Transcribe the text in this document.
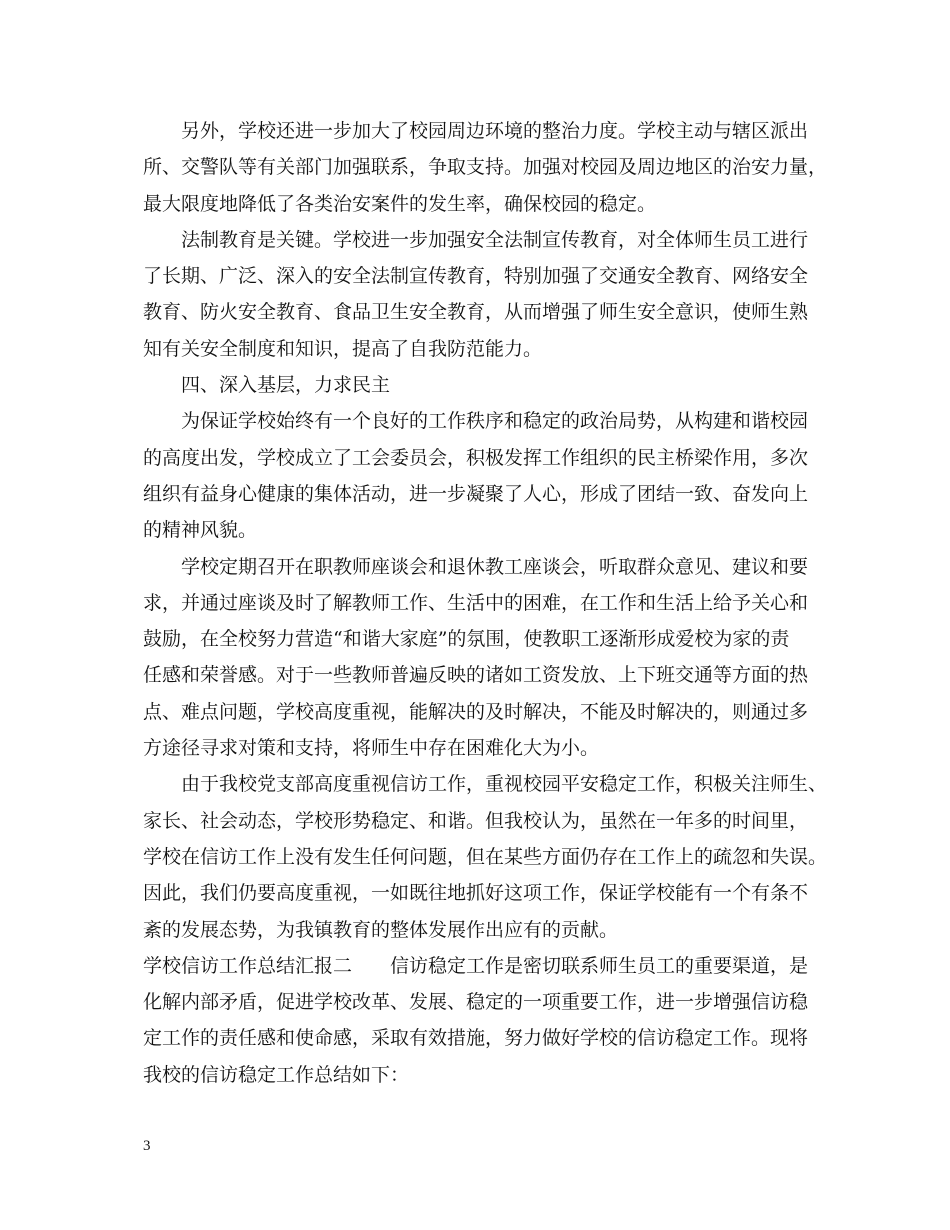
另外，学校还进一步加大了校园周边环境的整治力度。学校主动与辖区派出
所、交警队等有关部门加强联系，争取支持。加强对校园及周边地区的治安力量，
最大限度地降低了各类治安案件的发生率，确保校园的稳定。
法制教育是关键。学校进一步加强安全法制宣传教育，对全体师生员工进行
了长期、广泛、深入的安全法制宣传教育，特别加强了交通安全教育、网络安全
教育、防火安全教育、食品卫生安全教育，从而增强了师生安全意识，使师生熟
知有关安全制度和知识，提高了自我防范能力。
四、深入基层，力求民主
为保证学校始终有一个良好的工作秩序和稳定的政治局势，从构建和谐校园
的高度出发，学校成立了工会委员会，积极发挥工作组织的民主桥梁作用，多次
组织有益身心健康的集体活动，进一步凝聚了人心，形成了团结一致、奋发向上
的精神风貌。
学校定期召开在职教师座谈会和退休教工座谈会，听取群众意见、建议和要
求，并通过座谈及时了解教师工作、生活中的困难，在工作和生活上给予关心和
鼓励，在全校努力营造“和谐大家庭”的氛围，使教职工逐渐形成爱校为家的责
任感和荣誉感。对于一些教师普遍反映的诸如工资发放、上下班交通等方面的热
点、难点问题，学校高度重视，能解决的及时解决，不能及时解决的，则通过多
方途径寻求对策和支持，将师生中存在困难化大为小。
由于我校党支部高度重视信访工作，重视校园平安稳定工作，积极关注师生、
家长、社会动态，学校形势稳定、和谐。但我校认为，虽然在一年多的时间里，
学校在信访工作上没有发生任何问题，但在某些方面仍存在工作上的疏忽和失误。
因此，我们仍要高度重视，一如既往地抓好这项工作，保证学校能有一个有条不
紊的发展态势，为我镇教育的整体发展作出应有的贡献。
学校信访工作总结汇报二 信访稳定工作是密切联系师生员工的重要渠道，是
化解内部矛盾，促进学校改革、发展、稳定的一项重要工作，进一步增强信访稳
定工作的责任感和使命感，采取有效措施，努力做好学校的信访稳定工作。现将
我校的信访稳定工作总结如下：
3
